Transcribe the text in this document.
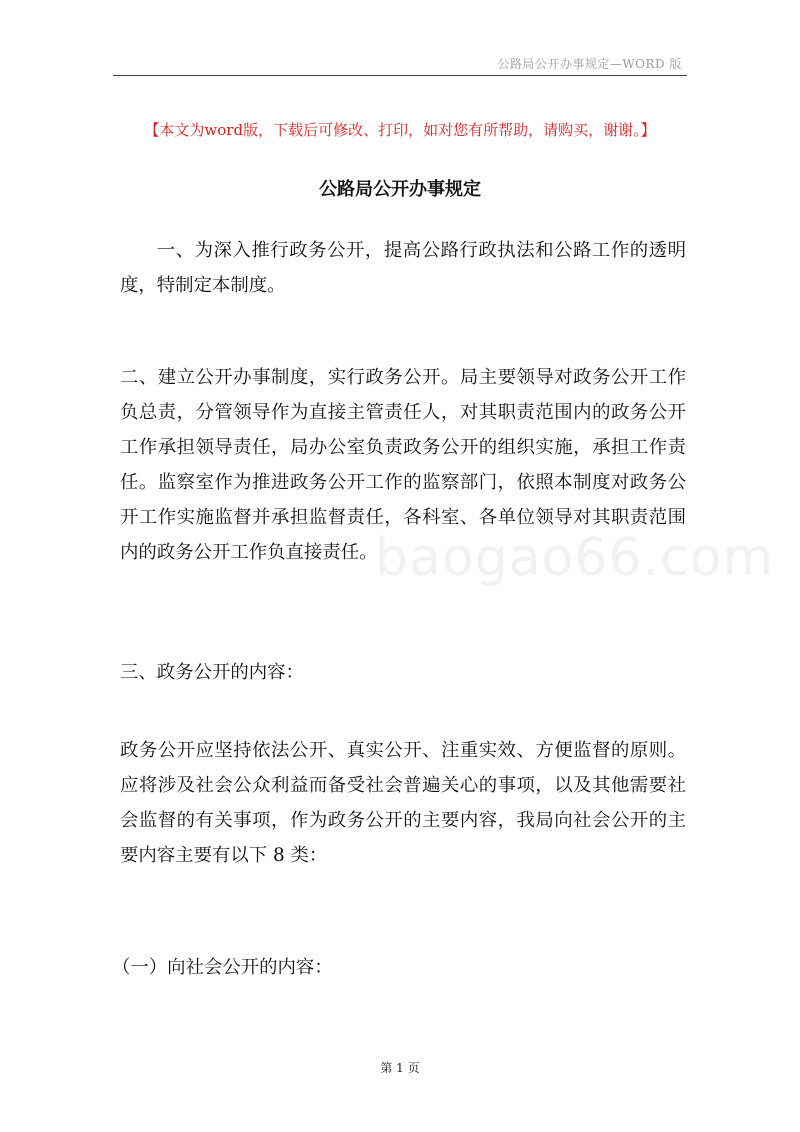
公路局公开办事规定—WORD 版
【本文为word版，下载后可修改、打印，如对您有所帮助，请购买，谢谢。】
公路局公开办事规定

一、为深入推行政务公开，提高公路行政执法和公路工作的透明度，特制定本制度。

二、建立公开办事制度，实行政务公开。局主要领导对政务公开工作负总责，分管领导作为直接主管责任人，对其职责范围内的政务公开工作承担领导责任，局办公室负责政务公开的组织实施，承担工作责任。监察室作为推进政务公开工作的监察部门，依照本制度对政务公开工作实施监督并承担监督责任，各科室、各单位领导对其职责范围内的政务公开工作负直接责任。

三、政务公开的内容：

政务公开应坚持依法公开、真实公开、注重实效、方便监督的原则。应将涉及社会公众利益而备受社会普遍关心的事项，以及其他需要社会监督的有关事项，作为政务公开的主要内容，我局向社会公开的主要内容主要有以下 8 类：

（一）向社会公开的内容：

baogao66.com
第 1 页
